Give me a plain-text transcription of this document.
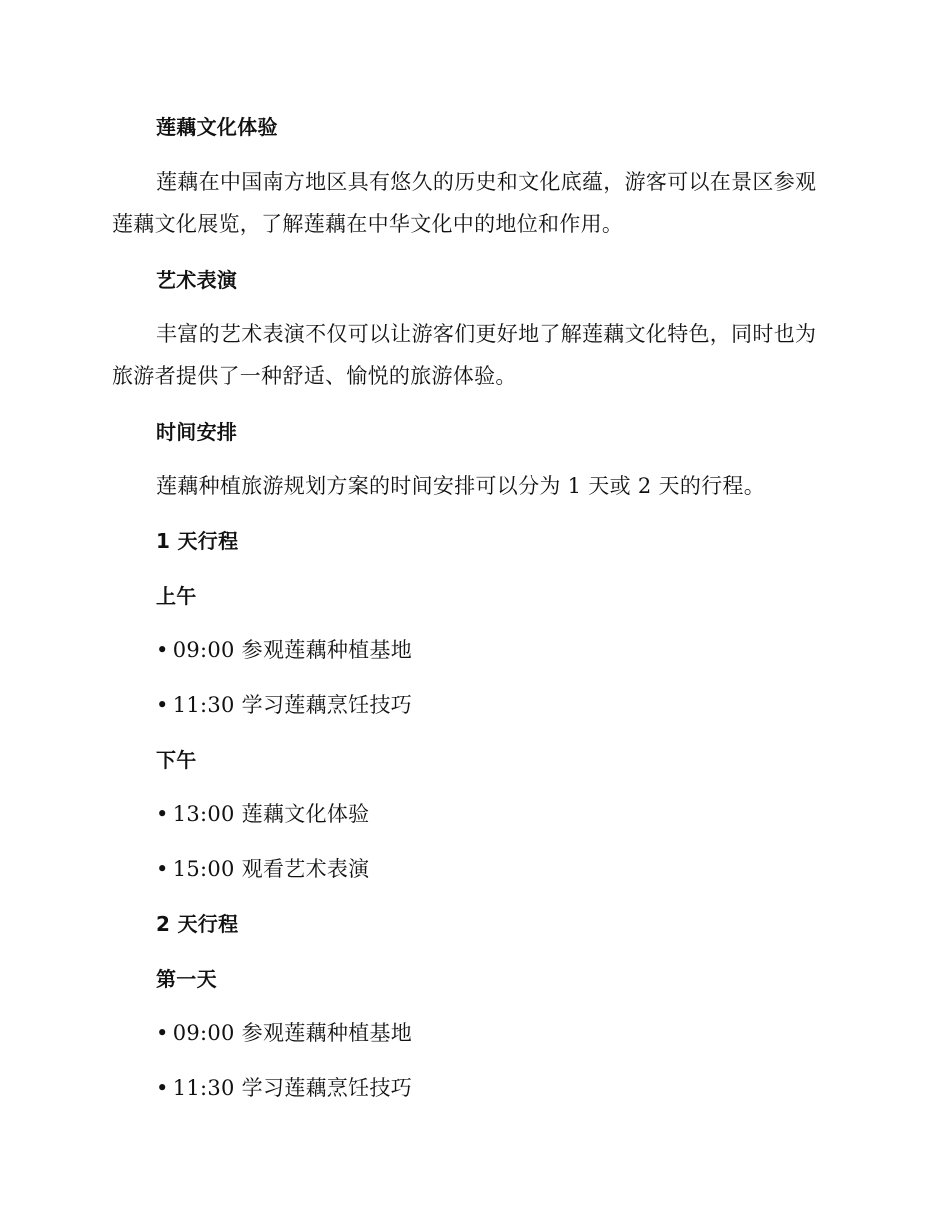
莲藕文化体验
莲藕在中国南方地区具有悠久的历史和文化底蕴，游客可以在景区参观
莲藕文化展览，了解莲藕在中华文化中的地位和作用。
艺术表演
丰富的艺术表演不仅可以让游客们更好地了解莲藕文化特色，同时也为
旅游者提供了一种舒适、愉悦的旅游体验。
时间安排
莲藕种植旅游规划方案的时间安排可以分为 1 天或 2 天的行程。
1 天行程
上午
• 09:00 参观莲藕种植基地
• 11:30 学习莲藕烹饪技巧
下午
• 13:00 莲藕文化体验
• 15:00 观看艺术表演
2 天行程
第一天
• 09:00 参观莲藕种植基地
• 11:30 学习莲藕烹饪技巧
